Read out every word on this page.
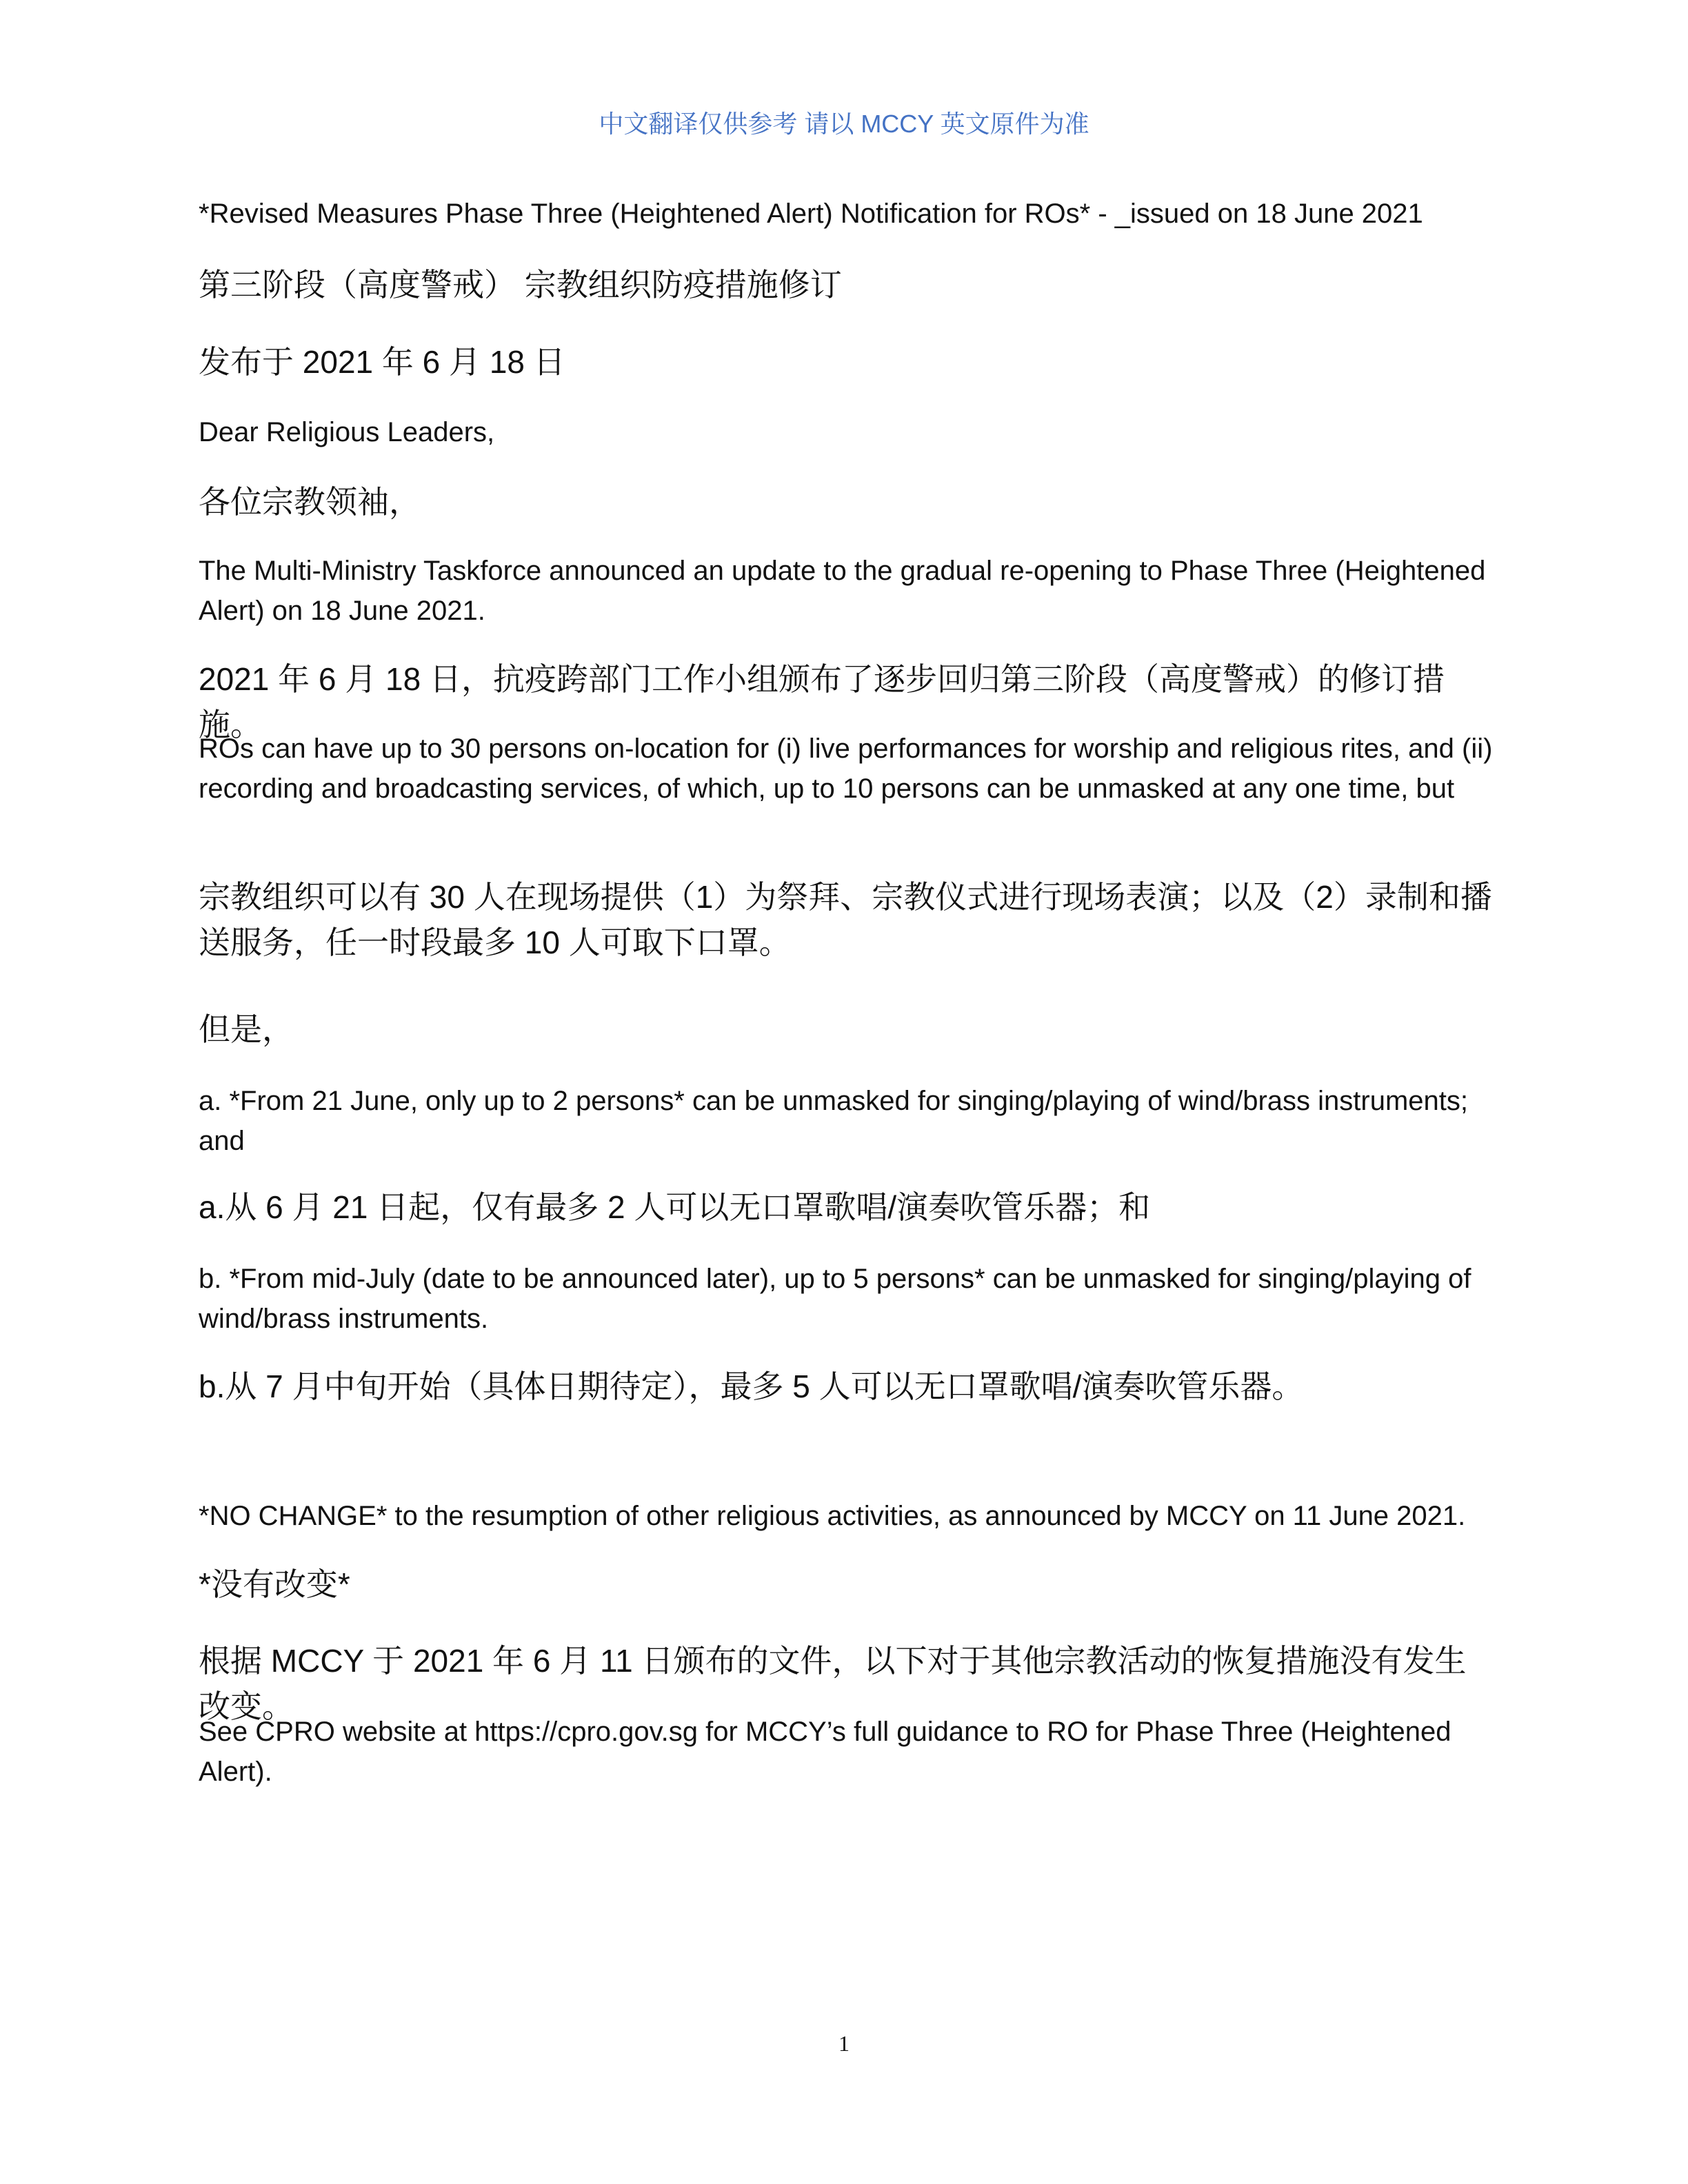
中文翻译仅供参考 请以 MCCY 英文原件为准
*Revised Measures Phase Three (Heightened Alert) Notification for ROs* - _issued on 18 June 2021
第三阶段（高度警戒） 宗教组织防疫措施修订
发布于 2021 年 6 月 18 日
Dear Religious Leaders,
各位宗教领袖，
The Multi-Ministry Taskforce announced an update to the gradual re-opening to Phase Three (Heightened Alert) on 18 June 2021.
2021 年 6 月 18 日，抗疫跨部门工作小组颁布了逐步回归第三阶段（高度警戒）的修订措施。
ROs can have up to 30 persons on-location for (i) live performances for worship and religious rites, and (ii) recording and broadcasting services, of which, up to 10 persons can be unmasked at any one time, but
宗教组织可以有 30 人在现场提供（1）为祭拜、宗教仪式进行现场表演；以及（2）录制和播送服务，任一时段最多 10 人可取下口罩。
但是，
a. *From 21 June, only up to 2 persons* can be unmasked for singing/playing of wind/brass instruments; and
a.从 6 月 21 日起，仅有最多 2 人可以无口罩歌唱/演奏吹管乐器；和
b. *From mid-July (date to be announced later), up to 5 persons* can be unmasked for singing/playing of wind/brass instruments.
b.从 7 月中旬开始（具体日期待定），最多 5 人可以无口罩歌唱/演奏吹管乐器。
*NO CHANGE* to the resumption of other religious activities, as announced by MCCY on 11 June 2021.
*没有改变*
根据 MCCY 于 2021 年 6 月 11 日颁布的文件，以下对于其他宗教活动的恢复措施没有发生改变。
See CPRO website at https://cpro.gov.sg for MCCY’s full guidance to RO for Phase Three (Heightened Alert).
1
